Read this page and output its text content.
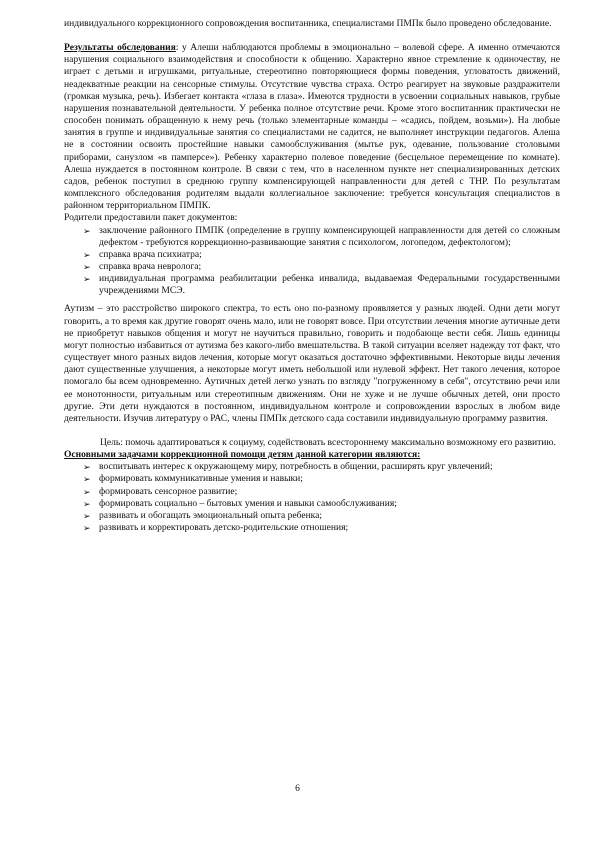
индивидуального коррекционного сопровождения воспитанника, специалистами ПМПк было проведено обследование.

Результаты обследования: у Алеши наблюдаются проблемы в эмоционально – волевой сфере. А именно отмечаются нарушения социального взаимодействия и способности к общению. Характерно явное стремление к одиночеству, не играет с детьми и игрушками, ритуальные, стереотипно повторяющиеся формы поведения, угловатость движений, неадекватные реакции на сенсорные стимулы. Отсутствие чувства страха. Остро реагирует на звуковые раздражители (громкая музыка, речь). Избегает контакта «глаза в глаза». Имеются трудности в усвоении социальных навыков, грубые нарушения познавательной деятельности. У ребенка полное отсутствие речи. Кроме этого воспитанник практически не способен понимать обращенную к нему речь (только элементарные команды – «садись, пойдем, возьми»). На любые занятия в группе и индивидуальные занятия со специалистами не садится, не выполняет инструкции педагогов. Алеша не в состоянии освоить простейшие навыки самообслуживания (мытье рук, одевание, пользование столовыми приборами, санузлом «в памперсе»). Ребенку характерно полевое поведение (бесцельное перемещение по комнате). Алеша нуждается в постоянном контроле. В связи с тем, что в населенном пункте нет специализированных детских садов, ребенок поступил в среднюю группу компенсирующей направленности для детей с ТНР. По результатам комплексного обследования родителям выдали коллегиальное заключение: требуется консультация специалистов в районном территориальном ПМПК.

Родители предоставили пакет документов:

➢ заключение районного ПМПК (определение в группу компенсирующей направленности для детей со сложным дефектом - требуются коррекционно-развивающие занятия с психологом, логопедом, дефектологом);
➢ справка врача психиатра;
➢ справка врача невролога;
➢ индивидуальная программа реабилитации ребенка инвалида, выдаваемая Федеральными государственными учреждениями МСЭ.

Аутизм – это расстройство широкого спектра, то есть оно по-разному проявляется у разных людей. Одни дети могут говорить, а то время как другие говорят очень мало, или не говорят вовсе. При отсутствии лечения многие аутичные дети не приобретут навыков общения и могут не научиться правильно, говорить и подобающе вести себя. Лишь единицы могут полностью избавиться от аутизма без какого-либо вмешательства. В такой ситуации вселяет надежду тот факт, что существует много разных видов лечения, которые могут оказаться достаточно эффективными. Некоторые виды лечения дают существенные улучшения, а некоторые могут иметь небольшой или нулевой эффект. Нет такого лечения, которое помогало бы всем одновременно. Аутичных детей легко узнать по взгляду "погруженному в себя", отсутствию речи или ее монотонности, ритуальным или стереотипным движениям. Они не хуже и не лучше обычных детей, они просто другие. Эти дети нуждаются в постоянном, индивидуальном контроле и сопровождении взрослых в любом виде деятельности. Изучив литературу о РАС, члены ПМПк детского сада составили индивидуальную программу развития.

Цель: помочь адаптироваться к социуму, содействовать всестороннему максимально возможному его развитию.

Основными задачами коррекционной помощи детям данной категории являются:

➢ воспитывать интерес к окружающему миру, потребность в общении, расширять круг увлечений;
➢ формировать коммуникативные умения и навыки;
➢ формировать сенсорное развитие;
➢ формировать социально – бытовых умения и навыки самообслуживания;
➢ развивать и обогащать эмоциональный опыта ребенка;
➢ развивать и корректировать детско-родительские отношения;
6
